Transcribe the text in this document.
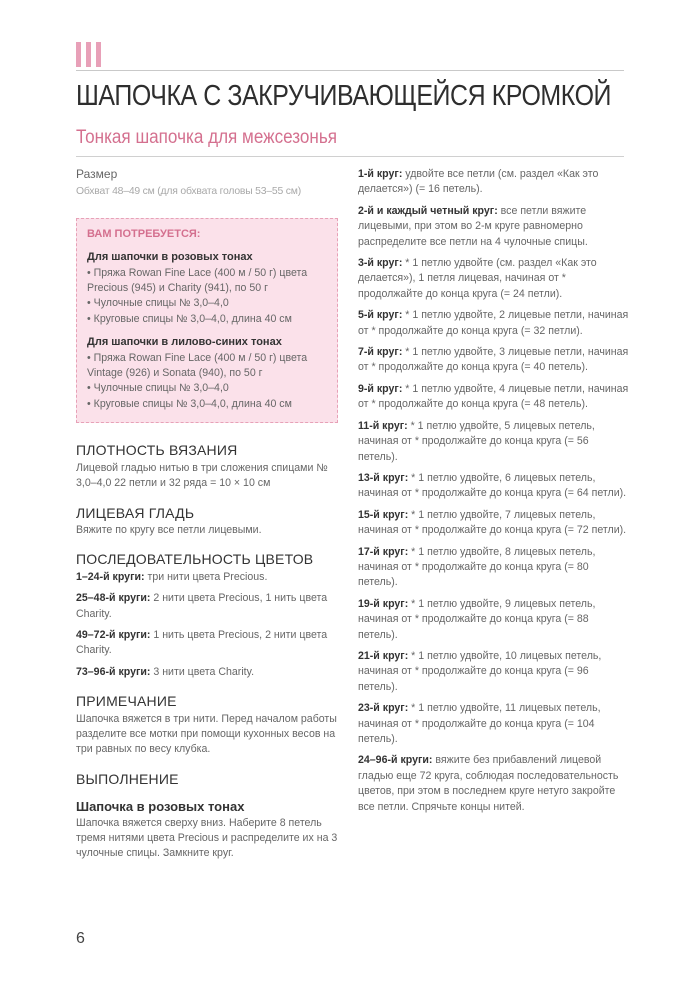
ШАПОЧКА С ЗАКРУЧИВАЮЩЕЙСЯ КРОМКОЙ
Тонкая шапочка для межсезонья
Размер
Обхват 48–49 см (для обхвата головы 53–55 см)
ВАМ ПОТРЕБУЕТСЯ:
Для шапочки в розовых тонах
• Пряжа Rowan Fine Lace (400 м / 50 г) цвета Precious (945) и Charity (941), по 50 г
• Чулочные спицы № 3,0–4,0
• Круговые спицы № 3,0–4,0, длина 40 см
Для шапочки в лилово-синих тонах
• Пряжа Rowan Fine Lace (400 м / 50 г) цвета Vintage (926) и Sonata (940), по 50 г
• Чулочные спицы № 3,0–4,0
• Круговые спицы № 3,0–4,0, длина 40 см
ПЛОТНОСТЬ ВЯЗАНИЯ
Лицевой гладью нитью в три сложения спицами № 3,0–4,0 22 петли и 32 ряда = 10 × 10 см
ЛИЦЕВАЯ ГЛАДЬ
Вяжите по кругу все петли лицевыми.
ПОСЛЕДОВАТЕЛЬНОСТЬ ЦВЕТОВ
1–24-й круги: три нити цвета Precious.
25–48-й круги: 2 нити цвета Precious, 1 нить цвета Charity.
49–72-й круги: 1 нить цвета Precious, 2 нити цвета Charity.
73–96-й круги: 3 нити цвета Charity.
ПРИМЕЧАНИЕ
Шапочка вяжется в три нити. Перед началом работы разделите все мотки при помощи кухонных весов на три равных по весу клубка.
ВЫПОЛНЕНИЕ
Шапочка в розовых тонах
Шапочка вяжется сверху вниз. Наберите 8 петель тремя нитями цвета Precious и распределите их на 3 чулочные спицы. Замкните круг.
1-й круг: удвойте все петли (см. раздел «Как это делается») (= 16 петель).
2-й и каждый четный круг: все петли вяжите лицевыми, при этом во 2-м круге равномерно распределите все петли на 4 чулочные спицы.
3-й круг: * 1 петлю удвойте (см. раздел «Как это делается»), 1 петля лицевая, начиная от * продолжайте до конца круга (= 24 петли).
5-й круг: * 1 петлю удвойте, 2 лицевые петли, начиная от * продолжайте до конца круга (= 32 петли).
7-й круг: * 1 петлю удвойте, 3 лицевые петли, начиная от * продолжайте до конца круга (= 40 петель).
9-й круг: * 1 петлю удвойте, 4 лицевые петли, начиная от * продолжайте до конца круга (= 48 петель).
11-й круг: * 1 петлю удвойте, 5 лицевых петель, начиная от * продолжайте до конца круга (= 56 петель).
13-й круг: * 1 петлю удвойте, 6 лицевых петель, начиная от * продолжайте до конца круга (= 64 петли).
15-й круг: * 1 петлю удвойте, 7 лицевых петель, начиная от * продолжайте до конца круга (= 72 петли).
17-й круг: * 1 петлю удвойте, 8 лицевых петель, начиная от * продолжайте до конца круга (= 80 петель).
19-й круг: * 1 петлю удвойте, 9 лицевых петель, начиная от * продолжайте до конца круга (= 88 петель).
21-й круг: * 1 петлю удвойте, 10 лицевых петель, начиная от * продолжайте до конца круга (= 96 петель).
23-й круг: * 1 петлю удвойте, 11 лицевых петель, начиная от * продолжайте до конца круга (= 104 петель).
24–96-й круги: вяжите без прибавлений лицевой гладью еще 72 круга, соблюдая последовательность цветов, при этом в последнем круге нетуго закройте все петли. Спрячьте концы нитей.
6
